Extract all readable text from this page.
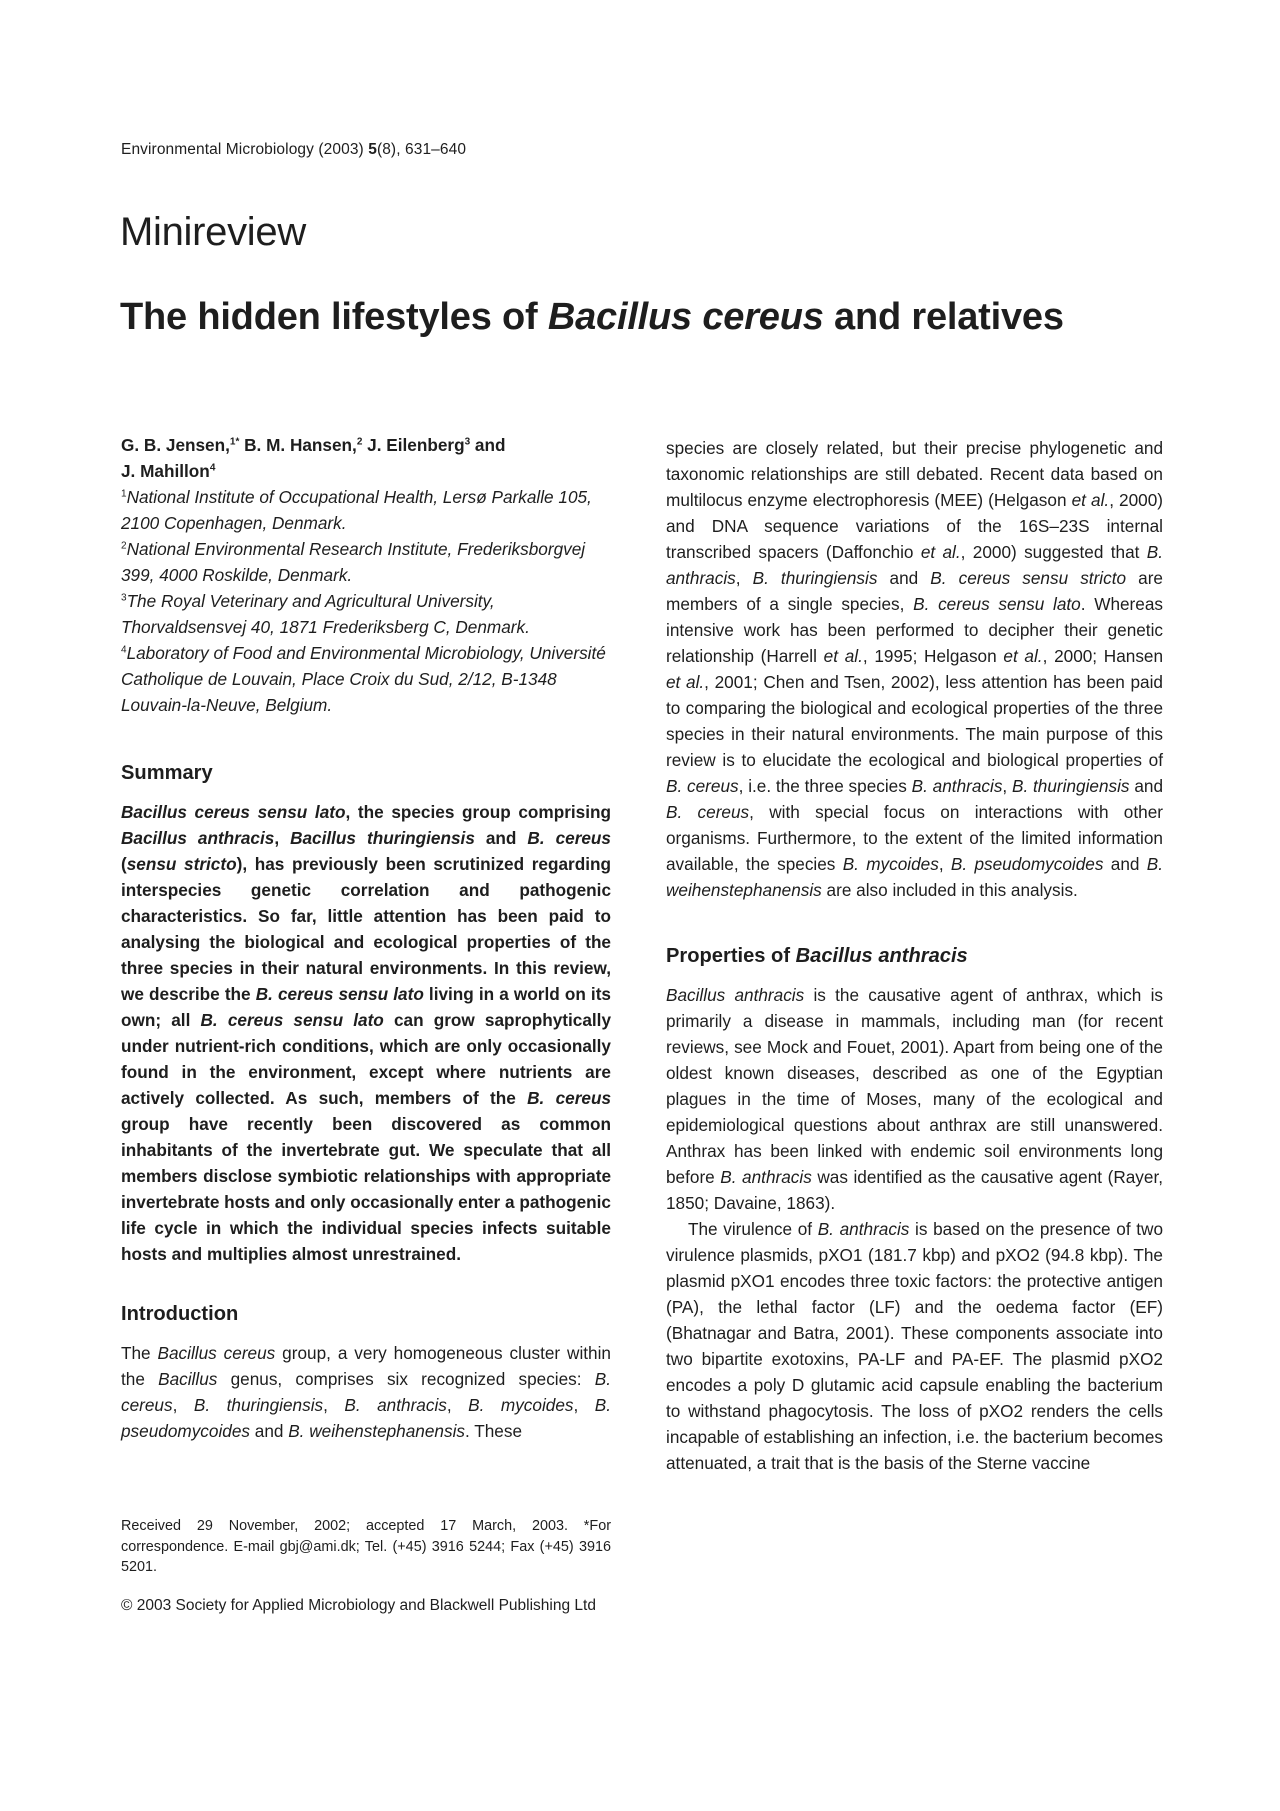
Environmental Microbiology (2003) 5(8), 631–640
Minireview
The hidden lifestyles of Bacillus cereus and relatives
G. B. Jensen,$^{1*}$ B. M. Hansen,$^2$ J. Eilenberg$^3$ and
J. Mahillon$^4$
$^1$National Institute of Occupational Health, Lersø Parkalle 105, 2100 Copenhagen, Denmark.
$^2$National Environmental Research Institute, Frederiksborgvej 399, 4000 Roskilde, Denmark.
$^3$The Royal Veterinary and Agricultural University, Thorvaldsensvej 40, 1871 Frederiksberg C, Denmark.
$^4$Laboratory of Food and Environmental Microbiology, Université Catholique de Louvain, Place Croix du Sud, 2/12, B-1348 Louvain-la-Neuve, Belgium.
Summary

Bacillus cereus sensu lato, the species group comprising Bacillus anthracis, Bacillus thuringiensis and B. cereus (sensu stricto), has previously been scrutinized regarding interspecies genetic correlation and pathogenic characteristics. So far, little attention has been paid to analysing the biological and ecological properties of the three species in their natural environments. In this review, we describe the B. cereus sensu lato living in a world on its own; all B. cereus sensu lato can grow saprophytically under nutrient-rich conditions, which are only occasionally found in the environment, except where nutrients are actively collected. As such, members of the B. cereus group have recently been discovered as common inhabitants of the invertebrate gut. We speculate that all members disclose symbiotic relationships with appropriate invertebrate hosts and only occasionally enter a pathogenic life cycle in which the individual species infects suitable hosts and multiplies almost unrestrained.

Introduction

The Bacillus cereus group, a very homogeneous cluster within the Bacillus genus, comprises six recognized species: B. cereus, B. thuringiensis, B. anthracis, B. mycoides, B. pseudomycoides and B. weihenstephanensis. These

Received 29 November, 2002; accepted 17 March, 2003. *For correspondence. E-mail gbj@ami.dk; Tel. (+45) 3916 5244; Fax (+45) 3916 5201.
© 2003 Society for Applied Microbiology and Blackwell Publishing Ltd

species are closely related, but their precise phylogenetic and taxonomic relationships are still debated. Recent data based on multilocus enzyme electrophoresis (MEE) (Helgason et al., 2000) and DNA sequence variations of the 16S–23S internal transcribed spacers (Daffonchio et al., 2000) suggested that B. anthracis, B. thuringiensis and B. cereus sensu stricto are members of a single species, B. cereus sensu lato. Whereas intensive work has been performed to decipher their genetic relationship (Harrell et al., 1995; Helgason et al., 2000; Hansen et al., 2001; Chen and Tsen, 2002), less attention has been paid to comparing the biological and ecological properties of the three species in their natural environments. The main purpose of this review is to elucidate the ecological and biological properties of B. cereus, i.e. the three species B. anthracis, B. thuringiensis and B. cereus, with special focus on interactions with other organisms. Furthermore, to the extent of the limited information available, the species B. mycoides, B. pseudomycoides and B. weihenstephanensis are also included in this analysis.

Properties of Bacillus anthracis

Bacillus anthracis is the causative agent of anthrax, which is primarily a disease in mammals, including man (for recent reviews, see Mock and Fouet, 2001). Apart from being one of the oldest known diseases, described as one of the Egyptian plagues in the time of Moses, many of the ecological and epidemiological questions about anthrax are still unanswered. Anthrax has been linked with endemic soil environments long before B. anthracis was identified as the causative agent (Rayer, 1850; Davaine, 1863).

The virulence of B. anthracis is based on the presence of two virulence plasmids, pXO1 (181.7 kbp) and pXO2 (94.8 kbp). The plasmid pXO1 encodes three toxic factors: the protective antigen (PA), the lethal factor (LF) and the oedema factor (EF) (Bhatnagar and Batra, 2001). These components associate into two bipartite exotoxins, PA-LF and PA-EF. The plasmid pXO2 encodes a poly D glutamic acid capsule enabling the bacterium to withstand phagocytosis. The loss of pXO2 renders the cells incapable of establishing an infection, i.e. the bacterium becomes attenuated, a trait that is the basis of the Sterne vaccine
